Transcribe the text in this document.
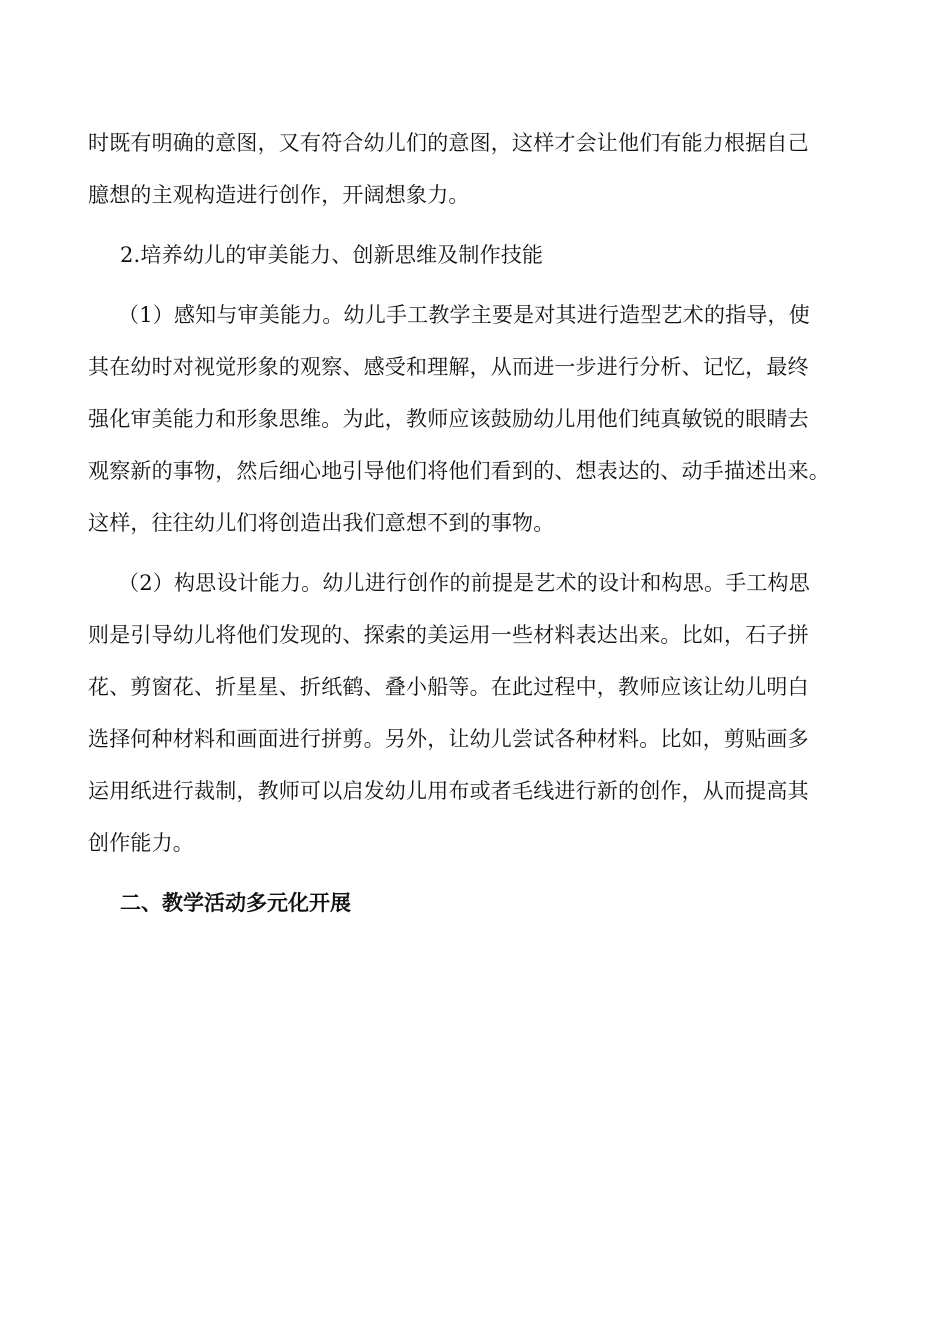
时既有明确的意图，又有符合幼儿们的意图，这样才会让他们有能力根据自己
臆想的主观构造进行创作，开阔想象力。
2.培养幼儿的审美能力、创新思维及制作技能
（1）感知与审美能力。幼儿手工教学主要是对其进行造型艺术的指导，使
其在幼时对视觉形象的观察、感受和理解，从而进一步进行分析、记忆，最终
强化审美能力和形象思维。为此，教师应该鼓励幼儿用他们纯真敏锐的眼睛去
观察新的事物，然后细心地引导他们将他们看到的、想表达的、动手描述出来。
这样，往往幼儿们将创造出我们意想不到的事物。
（2）构思设计能力。幼儿进行创作的前提是艺术的设计和构思。手工构思
则是引导幼儿将他们发现的、探索的美运用一些材料表达出来。比如，石子拼
花、剪窗花、折星星、折纸鹤、叠小船等。在此过程中，教师应该让幼儿明白
选择何种材料和画面进行拼剪。另外，让幼儿尝试各种材料。比如，剪贴画多
运用纸进行裁制，教师可以启发幼儿用布或者毛线进行新的创作，从而提高其
创作能力。
二、教学活动多元化开展
